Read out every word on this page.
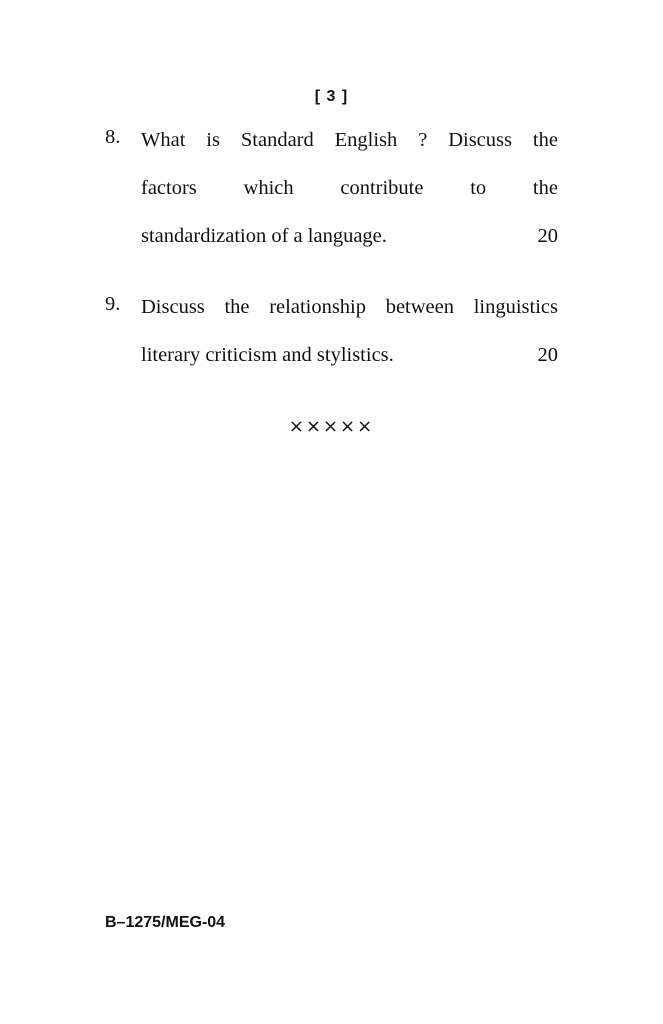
[ 3 ]
8. What is Standard English ? Discuss the
factors which contribute to the
standardization of a language.	20
9. Discuss the relationship between linguistics
literary criticism and stylistics.	20
×××××
B–1275/MEG-04
